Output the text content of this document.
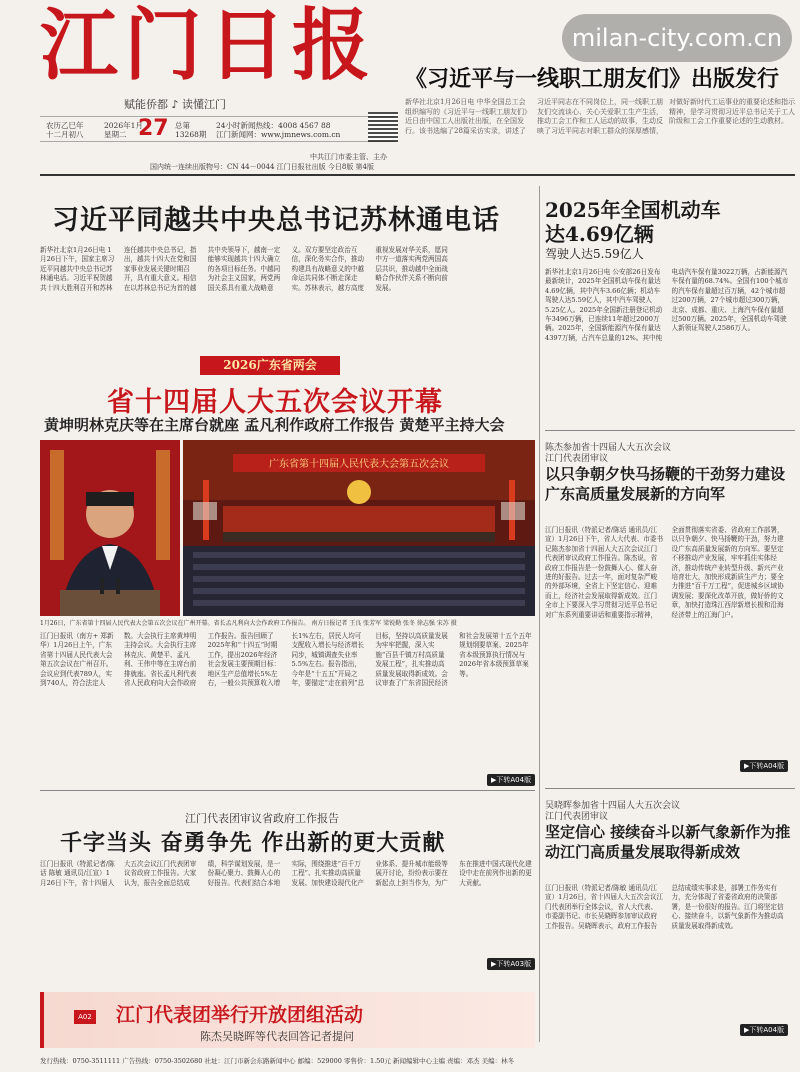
江门日报	milan-city.com.cn
赋能侨都 ♪ 读懂江门
《习近平与一线职工朋友们》出版发行
新华社北京1月26日电 中华全国总工会组织编写的《习近平与一线职工朋友们》近日由中国工人出版社出版，在全国发行。该书选编了28篇采访实录，讲述了习近平同志在不同岗位上，同一线职工朋友们交流谈心、关心关爱职工生产生活，推动工会工作和工人运动的故事，生动反映了习近平同志对职工群众的深厚感情，对做好新时代工运事业的重要论述和指示精神，是学习贯彻习近平总书记关于工人阶级和工会工作重要论述的生动教材。
农历乙巳年
十二月初八
2026年1月
星期二 27 总第
13268期
24小时新闻热线：4008 4567 88
江门新闻网：www.jmnews.com.cn
中共江门市委主管、主办
国内统一连续出版物号：CN 44－0044 江门日报社出版 今日8版 第4版
习近平同越共中央总书记苏林通电话
新华社北京1月26日电 1月26日下午，国家主席习近平同越共中央总书记苏林通电话。习近平祝贺越共十四大胜利召开和苏林连任越共中央总书记，指出，越共十四大在党和国家事业发展关键时期召开，具有重大意义。相信在以苏林总书记为首的越共中央领导下，越南一定能够实现越共十四大确立的各项目标任务。中越同为社会主义国家，两党两国关系具有重大战略意义。双方要坚定政治互信，深化务实合作，推动构建具有战略意义的中越命运共同体不断走深走实。苏林表示，越方高度重视发展对华关系，愿同中方一道落实两党两国高层共识，推动越中全面战略合作伙伴关系不断向前发展。
2026广东省两会
省十四届人大五次会议开幕
黄坤明林克庆等在主席台就座 孟凡利作政府工作报告 黄楚平主持大会
广东省第十四届人民代表大会第五次会议
1月26日，广东省第十四届人民代表大会第五次会议在广州开幕。省长孟凡利向大会作政府工作报告。 南方日报记者 王良 张芳军 梁锐勤 张冬 徐志强 宋苏 摄
江门日报讯（南方+ 郑新华）1月26日上午，广东省第十四届人民代表大会第五次会议在广州召开。会议应到代表789人，实到740人，符合法定人数。大会执行主席黄坤明主持会议。大会执行主席林克庆、黄楚平、孟凡利、王伟中等在主席台前排就座。省长孟凡利代表省人民政府向大会作政府工作报告。报告回顾了2025年和“十四五”时期工作，提出2026年经济社会发展主要预期目标：地区生产总值增长5%左右，一般公共预算收入增长1%左右，居民人均可支配收入增长与经济增长同步，城镇调查失业率5.5%左右。报告指出，今年是“十五五”开局之年，要锚定“走在前列”总目标，坚持以高质量发展为牢牢把握，深入实施“百县千镇万村高质量发展工程”，扎实推动高质量发展取得新成效。会议审查了广东省国民经济和社会发展第十五个五年规划纲要草案、2025年省本级预算执行情况与2026年省本级预算草案等。
▶下转A04版
2025年全国机动车达4.69亿辆
驾驶人达5.59亿人
新华社北京1月26日电 公安部26日发布最新统计，2025年全国机动车保有量达4.69亿辆，其中汽车3.66亿辆；机动车驾驶人达5.59亿人，其中汽车驾驶人5.25亿人。2025年全国新注册登记机动车3496万辆，已连续11年超过2000万辆。2025年，全国新能源汽车保有量达4397万辆，占汽车总量的12%。其中纯电动汽车保有量3022万辆，占新能源汽车保有量的68.74%。全国有100个城市的汽车保有量超过百万辆，42个城市超过200万辆，27个城市超过300万辆，北京、成都、重庆、上海汽车保有量超过500万辆。2025年，全国机动车驾驶人新领证驾驶人2586万人。
陈杰参加省十四届人大五次会议
江门代表团审议
以只争朝夕快马扬鞭的干劲努力建设广东高质量发展新的方向军
江门日报讯（特派记者/陈话 通讯员/江宣）1月26日下午，省人大代表、市委书记陈杰参加省十四届人大五次会议江门代表团审议政府工作报告。陈杰说，省政府工作报告是一份鼓舞人心、催人奋进的好报告。过去一年，面对复杂严峻的外部环境，全省上下坚定信心、迎难而上，经济社会发展取得新成效。江门全市上下要深入学习贯彻习近平总书记对广东系列重要讲话和重要指示精神，全面贯彻落实省委、省政府工作部署，以只争朝夕、快马扬鞭的干劲，努力建设广东高质量发展新的方向军。要坚定不移推动产业发展，牢牢抓住实体经济，推动传统产业转型升级、新兴产业培育壮大，加快形成新质生产力；要全力推进“百千万工程”，促进城乡区域协调发展；要深化改革开放，做好侨的文章，加快打造珠江西岸新增长极和沿海经济带上的江海门户。
▶下转A04版
吴晓晖参加省十四届人大五次会议
江门代表团审议
坚定信心 接续奋斗以新气象新作为推动江门高质量发展取得新成效
江门日报讯（特派记者/陈敏 通讯员/江宣）1月26日，省十四届人大五次会议江门代表团举行全体会议，省人大代表、市委副书记、市长吴晓晖参加审议政府工作报告。吴晓晖表示，政府工作报告总结成绩实事求是，部署工作务实有力，充分体现了省委省政府的决策部署，是一份很好的报告。江门将坚定信心、接续奋斗，以新气象新作为推动高质量发展取得新成效。
▶下转A04版
江门代表团审议省政府工作报告
千字当头 奋勇争先 作出新的更大贡献
江门日报讯（特派记者/陈话 陈敏 通讯员/江宣）1月26日下午，省十四届人大五次会议江门代表团审议省政府工作报告。大家认为，报告全面总结成绩，科学谋划发展，是一份凝心聚力、鼓舞人心的好报告。代表们结合本地实际，围绕推进“百千万工程”、扎实推动高质量发展、加快建设现代化产业体系、提升城市能级等展开讨论，纷纷表示要在新起点上担当作为，为广东在推进中国式现代化建设中走在前列作出新的更大贡献。
▶下转A03版
A02 江门代表团举行开放团组活动
陈杰吴晓晖等代表回答记者提问
发行热线：0750-3511111 广告热线：0750-3502680 社址：江门市新会东路新闻中心 邮编：529000 零售价：1.50元 新闻编辑中心主编 责编：邓杰 美编：林冬
